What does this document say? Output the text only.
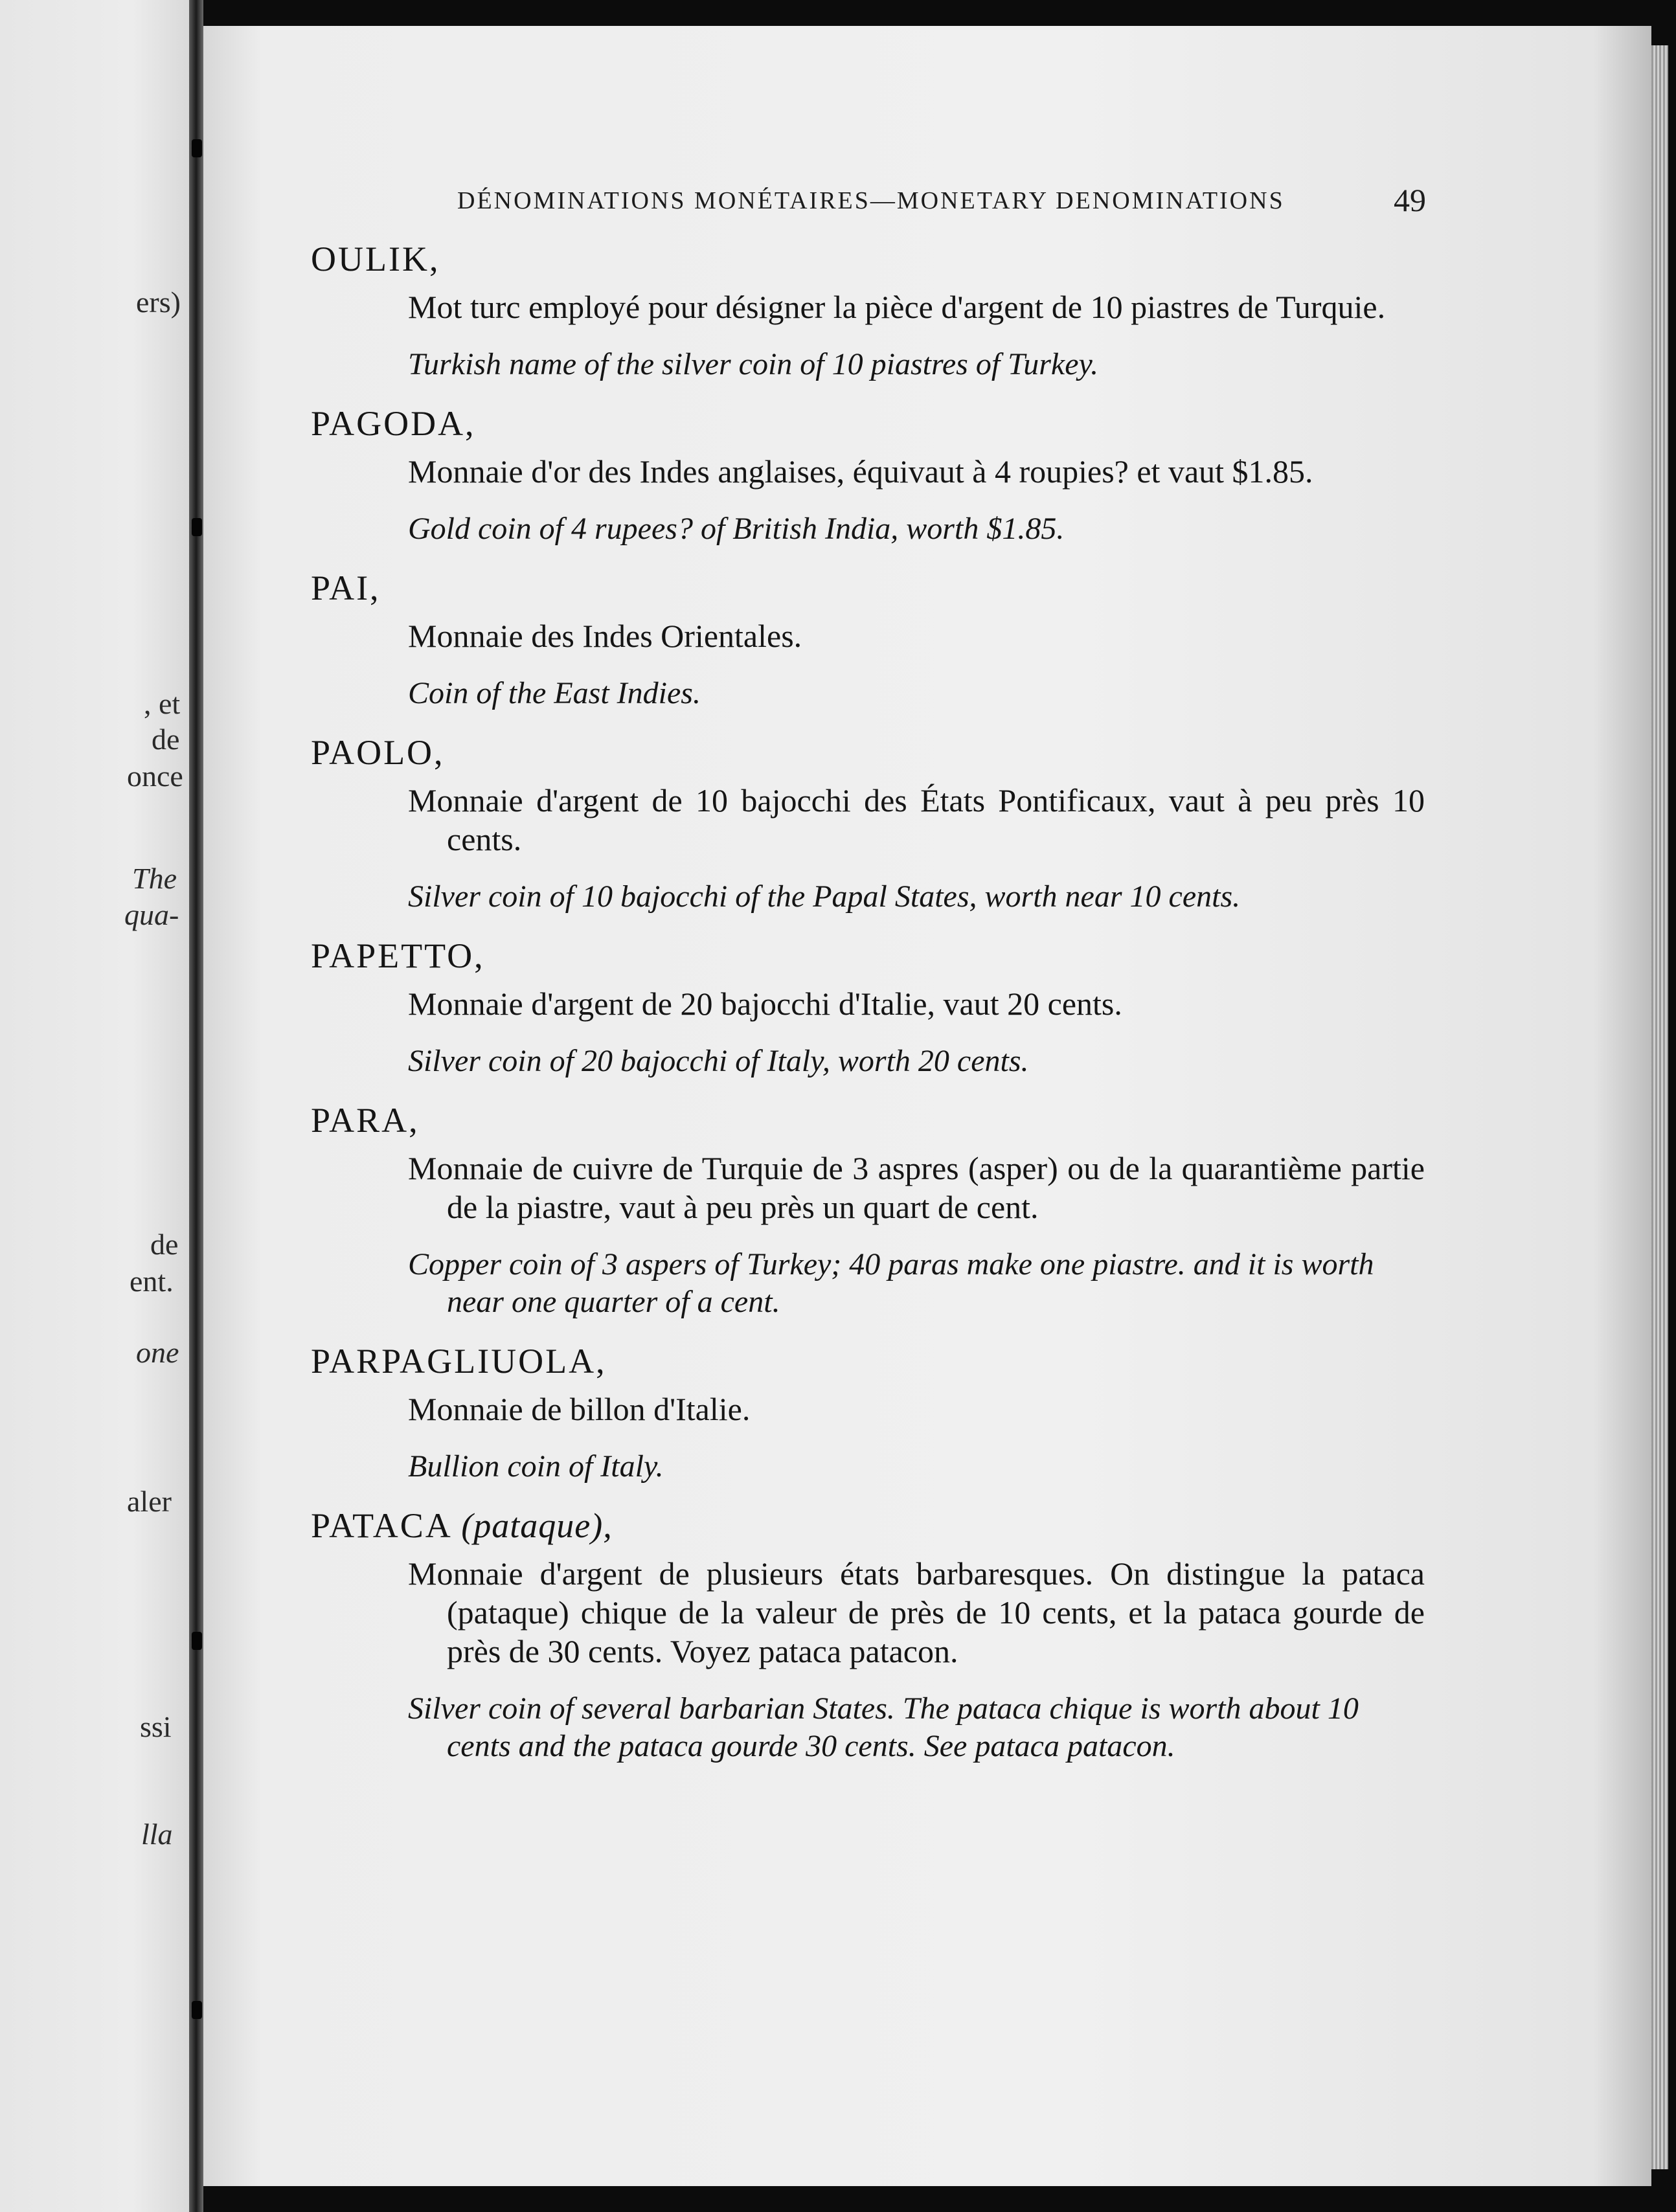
ers)
, et
de
once
The
qua-
de
ent.
one
aler
ssi
lla
DÉNOMINATIONS MONÉTAIRES—MONETARY DENOMINATIONS	49
OULIK,
Mot turc employé pour désigner la pièce d'argent de 10 piastres de Turquie.
Turkish name of the silver coin of 10 piastres of Turkey.
PAGODA,
Monnaie d'or des Indes anglaises, équivaut à 4 roupies? et vaut $1.85.
Gold coin of 4 rupees? of British India, worth $1.85.
PAI,
Monnaie des Indes Orientales.
Coin of the East Indies.
PAOLO,
Monnaie d'argent de 10 bajocchi des États Pontificaux, vaut à peu près 10 cents.
Silver coin of 10 bajocchi of the Papal States, worth near 10 cents.
PAPETTO,
Monnaie d'argent de 20 bajocchi d'Italie, vaut 20 cents.
Silver coin of 20 bajocchi of Italy, worth 20 cents.
PARA,
Monnaie de cuivre de Turquie de 3 aspres (asper) ou de la quarantième partie de la piastre, vaut à peu près un quart de cent.
Copper coin of 3 aspers of Turkey; 40 paras make one piastre. and it is worth near one quarter of a cent.
PARPAGLIUOLA,
Monnaie de billon d'Italie.
Bullion coin of Italy.
PATACA (pataque),
Monnaie d'argent de plusieurs états barbaresques. On distingue la pataca (pataque) chique de la valeur de près de 10 cents, et la pataca gourde de près de 30 cents. Voyez pataca patacon.
Silver coin of several barbarian States. The pataca chique is worth about 10 cents and the pataca gourde 30 cents. See pataca patacon.
